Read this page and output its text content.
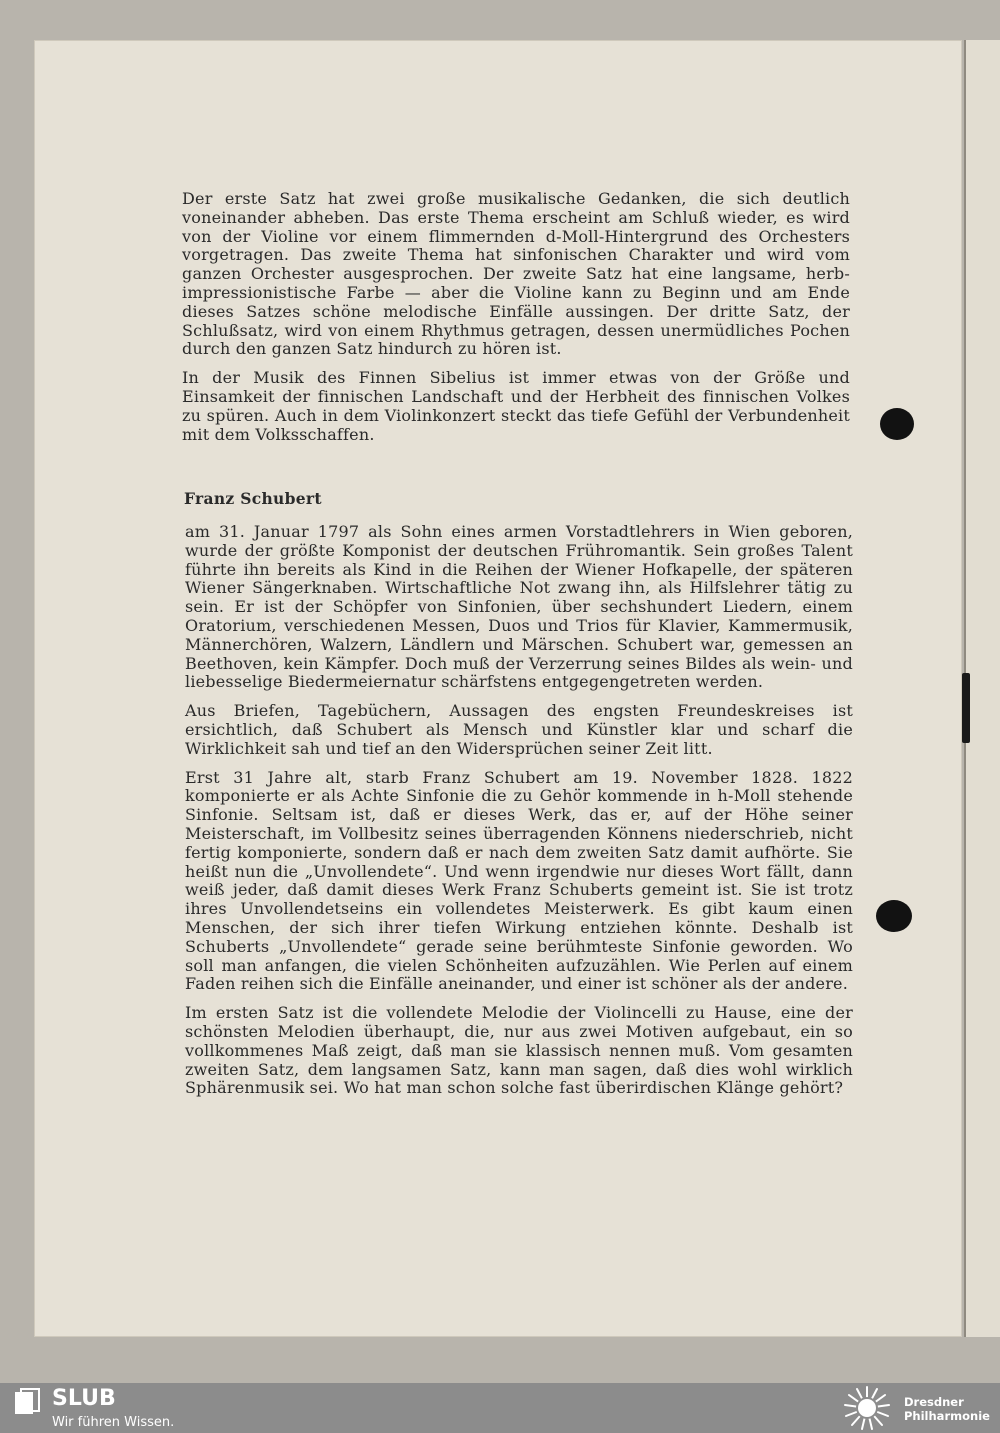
Der erste Satz hat zwei große musikalische Gedanken, die sich deutlich voneinander abheben. Das erste Thema erscheint am Schluß wieder, es wird von der Violine vor einem flimmernden d-Moll-Hintergrund des Orchesters vorgetragen. Das zweite Thema hat sinfonischen Charakter und wird vom ganzen Orchester ausgesprochen. Der zweite Satz hat eine langsame, herb-impressionistische Farbe — aber die Violine kann zu Beginn und am Ende dieses Satzes schöne melodische Einfälle aussingen. Der dritte Satz, der Schlußsatz, wird von einem Rhythmus getragen, dessen unermüdliches Pochen durch den ganzen Satz hindurch zu hören ist.

In der Musik des Finnen Sibelius ist immer etwas von der Größe und Einsamkeit der finnischen Landschaft und der Herbheit des finnischen Volkes zu spüren. Auch in dem Violinkonzert steckt das tiefe Gefühl der Verbundenheit mit dem Volksschaffen.

Franz Schubert

am 31. Januar 1797 als Sohn eines armen Vorstadtlehrers in Wien geboren, wurde der größte Komponist der deutschen Frühromantik. Sein großes Talent führte ihn bereits als Kind in die Reihen der Wiener Hofkapelle, der späteren Wiener Sängerknaben. Wirtschaftliche Not zwang ihn, als Hilfslehrer tätig zu sein. Er ist der Schöpfer von Sinfonien, über sechshundert Liedern, einem Oratorium, verschiedenen Messen, Duos und Trios für Klavier, Kammermusik, Männerchören, Walzern, Ländlern und Märschen. Schubert war, gemessen an Beethoven, kein Kämpfer. Doch muß der Verzerrung seines Bildes als wein- und liebesselige Biedermeiernatur schärfstens entgegengetreten werden.

Aus Briefen, Tagebüchern, Aussagen des engsten Freundeskreises ist ersichtlich, daß Schubert als Mensch und Künstler klar und scharf die Wirklichkeit sah und tief an den Widersprüchen seiner Zeit litt.

Erst 31 Jahre alt, starb Franz Schubert am 19. November 1828. 1822 komponierte er als Achte Sinfonie die zu Gehör kommende in h-Moll stehende Sinfonie. Seltsam ist, daß er dieses Werk, das er, auf der Höhe seiner Meisterschaft, im Vollbesitz seines überragenden Könnens niederschrieb, nicht fertig komponierte, sondern daß er nach dem zweiten Satz damit aufhörte. Sie heißt nun die „Unvollendete“. Und wenn irgendwie nur dieses Wort fällt, dann weiß jeder, daß damit dieses Werk Franz Schuberts gemeint ist. Sie ist trotz ihres Unvollendetseins ein vollendetes Meisterwerk. Es gibt kaum einen Menschen, der sich ihrer tiefen Wirkung entziehen könnte. Deshalb ist Schuberts „Unvollendete“ gerade seine berühmteste Sinfonie geworden. Wo soll man anfangen, die vielen Schönheiten aufzuzählen. Wie Perlen auf einem Faden reihen sich die Einfälle aneinander, und einer ist schöner als der andere.

Im ersten Satz ist die vollendete Melodie der Violincelli zu Hause, eine der schönsten Melodien überhaupt, die, nur aus zwei Motiven aufgebaut, ein so vollkommenes Maß zeigt, daß man sie klassisch nennen muß. Vom gesamten zweiten Satz, dem langsamen Satz, kann man sagen, daß dies wohl wirklich Sphärenmusik sei. Wo hat man schon solche fast überirdischen Klänge gehört?

SLUB
Wir führen Wissen.
Dresdner
Philharmonie
